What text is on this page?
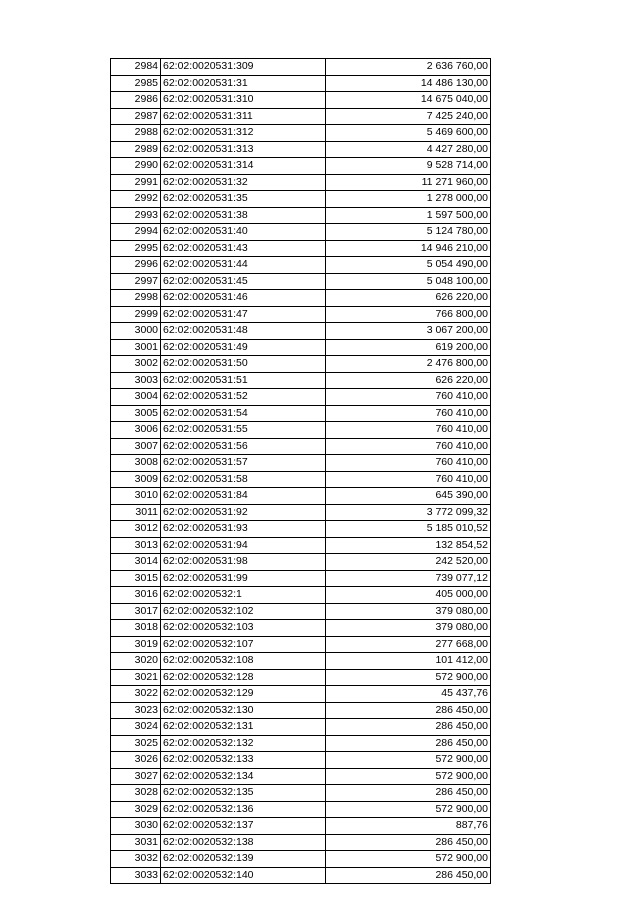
2984	62:02:0020531:309	2 636 760,00
2985	62:02:0020531:31	14 486 130,00
2986	62:02:0020531:310	14 675 040,00
2987	62:02:0020531:311	7 425 240,00
2988	62:02:0020531:312	5 469 600,00
2989	62:02:0020531:313	4 427 280,00
2990	62:02:0020531:314	9 528 714,00
2991	62:02:0020531:32	11 271 960,00
2992	62:02:0020531:35	1 278 000,00
2993	62:02:0020531:38	1 597 500,00
2994	62:02:0020531:40	5 124 780,00
2995	62:02:0020531:43	14 946 210,00
2996	62:02:0020531:44	5 054 490,00
2997	62:02:0020531:45	5 048 100,00
2998	62:02:0020531:46	626 220,00
2999	62:02:0020531:47	766 800,00
3000	62:02:0020531:48	3 067 200,00
3001	62:02:0020531:49	619 200,00
3002	62:02:0020531:50	2 476 800,00
3003	62:02:0020531:51	626 220,00
3004	62:02:0020531:52	760 410,00
3005	62:02:0020531:54	760 410,00
3006	62:02:0020531:55	760 410,00
3007	62:02:0020531:56	760 410,00
3008	62:02:0020531:57	760 410,00
3009	62:02:0020531:58	760 410,00
3010	62:02:0020531:84	645 390,00
3011	62:02:0020531:92	3 772 099,32
3012	62:02:0020531:93	5 185 010,52
3013	62:02:0020531:94	132 854,52
3014	62:02:0020531:98	242 520,00
3015	62:02:0020531:99	739 077,12
3016	62:02:0020532:1	405 000,00
3017	62:02:0020532:102	379 080,00
3018	62:02:0020532:103	379 080,00
3019	62:02:0020532:107	277 668,00
3020	62:02:0020532:108	101 412,00
3021	62:02:0020532:128	572 900,00
3022	62:02:0020532:129	45 437,76
3023	62:02:0020532:130	286 450,00
3024	62:02:0020532:131	286 450,00
3025	62:02:0020532:132	286 450,00
3026	62:02:0020532:133	572 900,00
3027	62:02:0020532:134	572 900,00
3028	62:02:0020532:135	286 450,00
3029	62:02:0020532:136	572 900,00
3030	62:02:0020532:137	887,76
3031	62:02:0020532:138	286 450,00
3032	62:02:0020532:139	572 900,00
3033	62:02:0020532:140	286 450,00
